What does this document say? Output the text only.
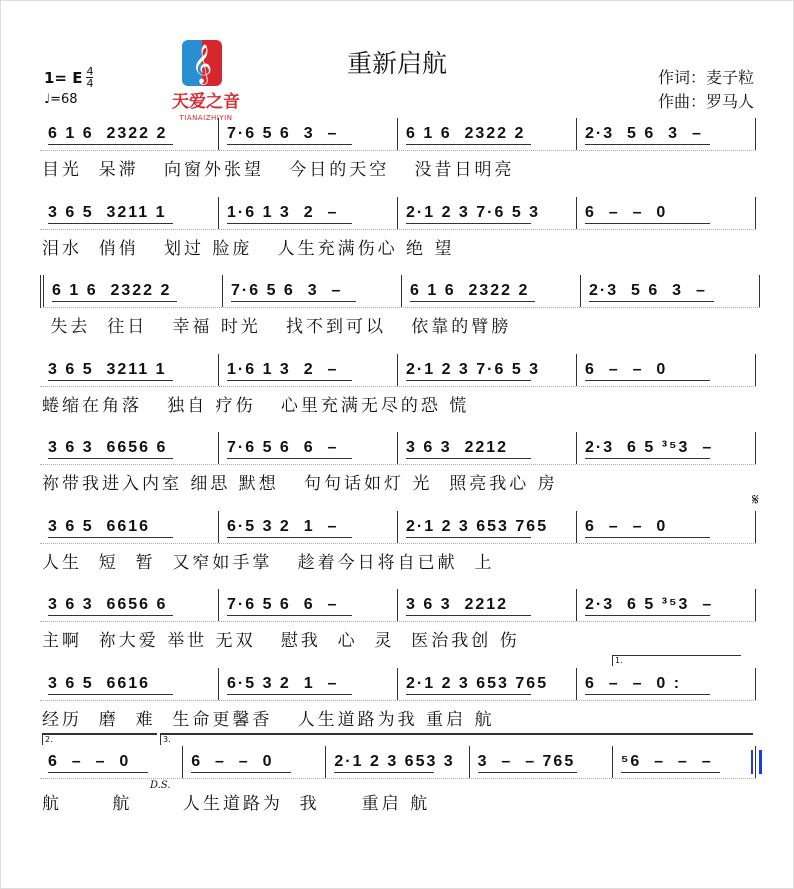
重新启航
1= E $\frac{4}{4}$
♩=68
作词：麦子粒
作曲：罗马人
𝄞
天爱之音
TIANAIZHIYIN
6 1 6  2322 2	7·6 5 6  3  –	6 1 6  2322 2	2·3  5 6  3  –
目光  呆滞   向窗外张望   今日的天空   没昔日明亮
3 6 5  3211 1	1·6 1 3  2  –	2·1 2 3 7·6 5 3	6  –  –  0
泪水  俏俏   划过 脸庞   人生充满伤心 绝 望
6 1 6  2322 2	7·6 5 6  3  –	6 1 6  2322 2	2·3  5 6  3  –
失去  往日   幸福 时光   找不到可以   依靠的臂膀
3 6 5  3211 1	1·6 1 3  2  –	2·1 2 3 7·6 5 3	6  –  –  0
蜷缩在角落   独自 疗伤   心里充满无尽的恐 慌
3 6 3  6656 6	7·6 5 6  6  –	3 6 3  2212	2·3  6 5 ³⁵3  –
祢带我进入内室 细思 默想   句句话如灯 光  照亮我心 房
3 6 5  6616	6·5 3 2  1  –	2·1 2 3 653 765	6  –  –  0
人生  短  暂  又窄如手掌   趁着今日将自已献  上
3 6 3  6656 6	7·6 5 6  6  –	3 6 3  2212	2·3  6 5 ³⁵3  –
主啊  祢大爱 举世 无双   慰我  心  灵  医治我创 伤
3 6 5  6616	6·5 3 2  1  –	2·1 2 3 653 765	6  –  –  0 :
经历  磨  难  生命更馨香   人生道路为我 重启 航
6  –  –  0	6  –  –  0	2·1 2 3 653 3	3  –  – 765	⁵6  –  –  –
航      航      人生道路为  我     重启 航
𝄋
1.
2.	3.
D.S.
